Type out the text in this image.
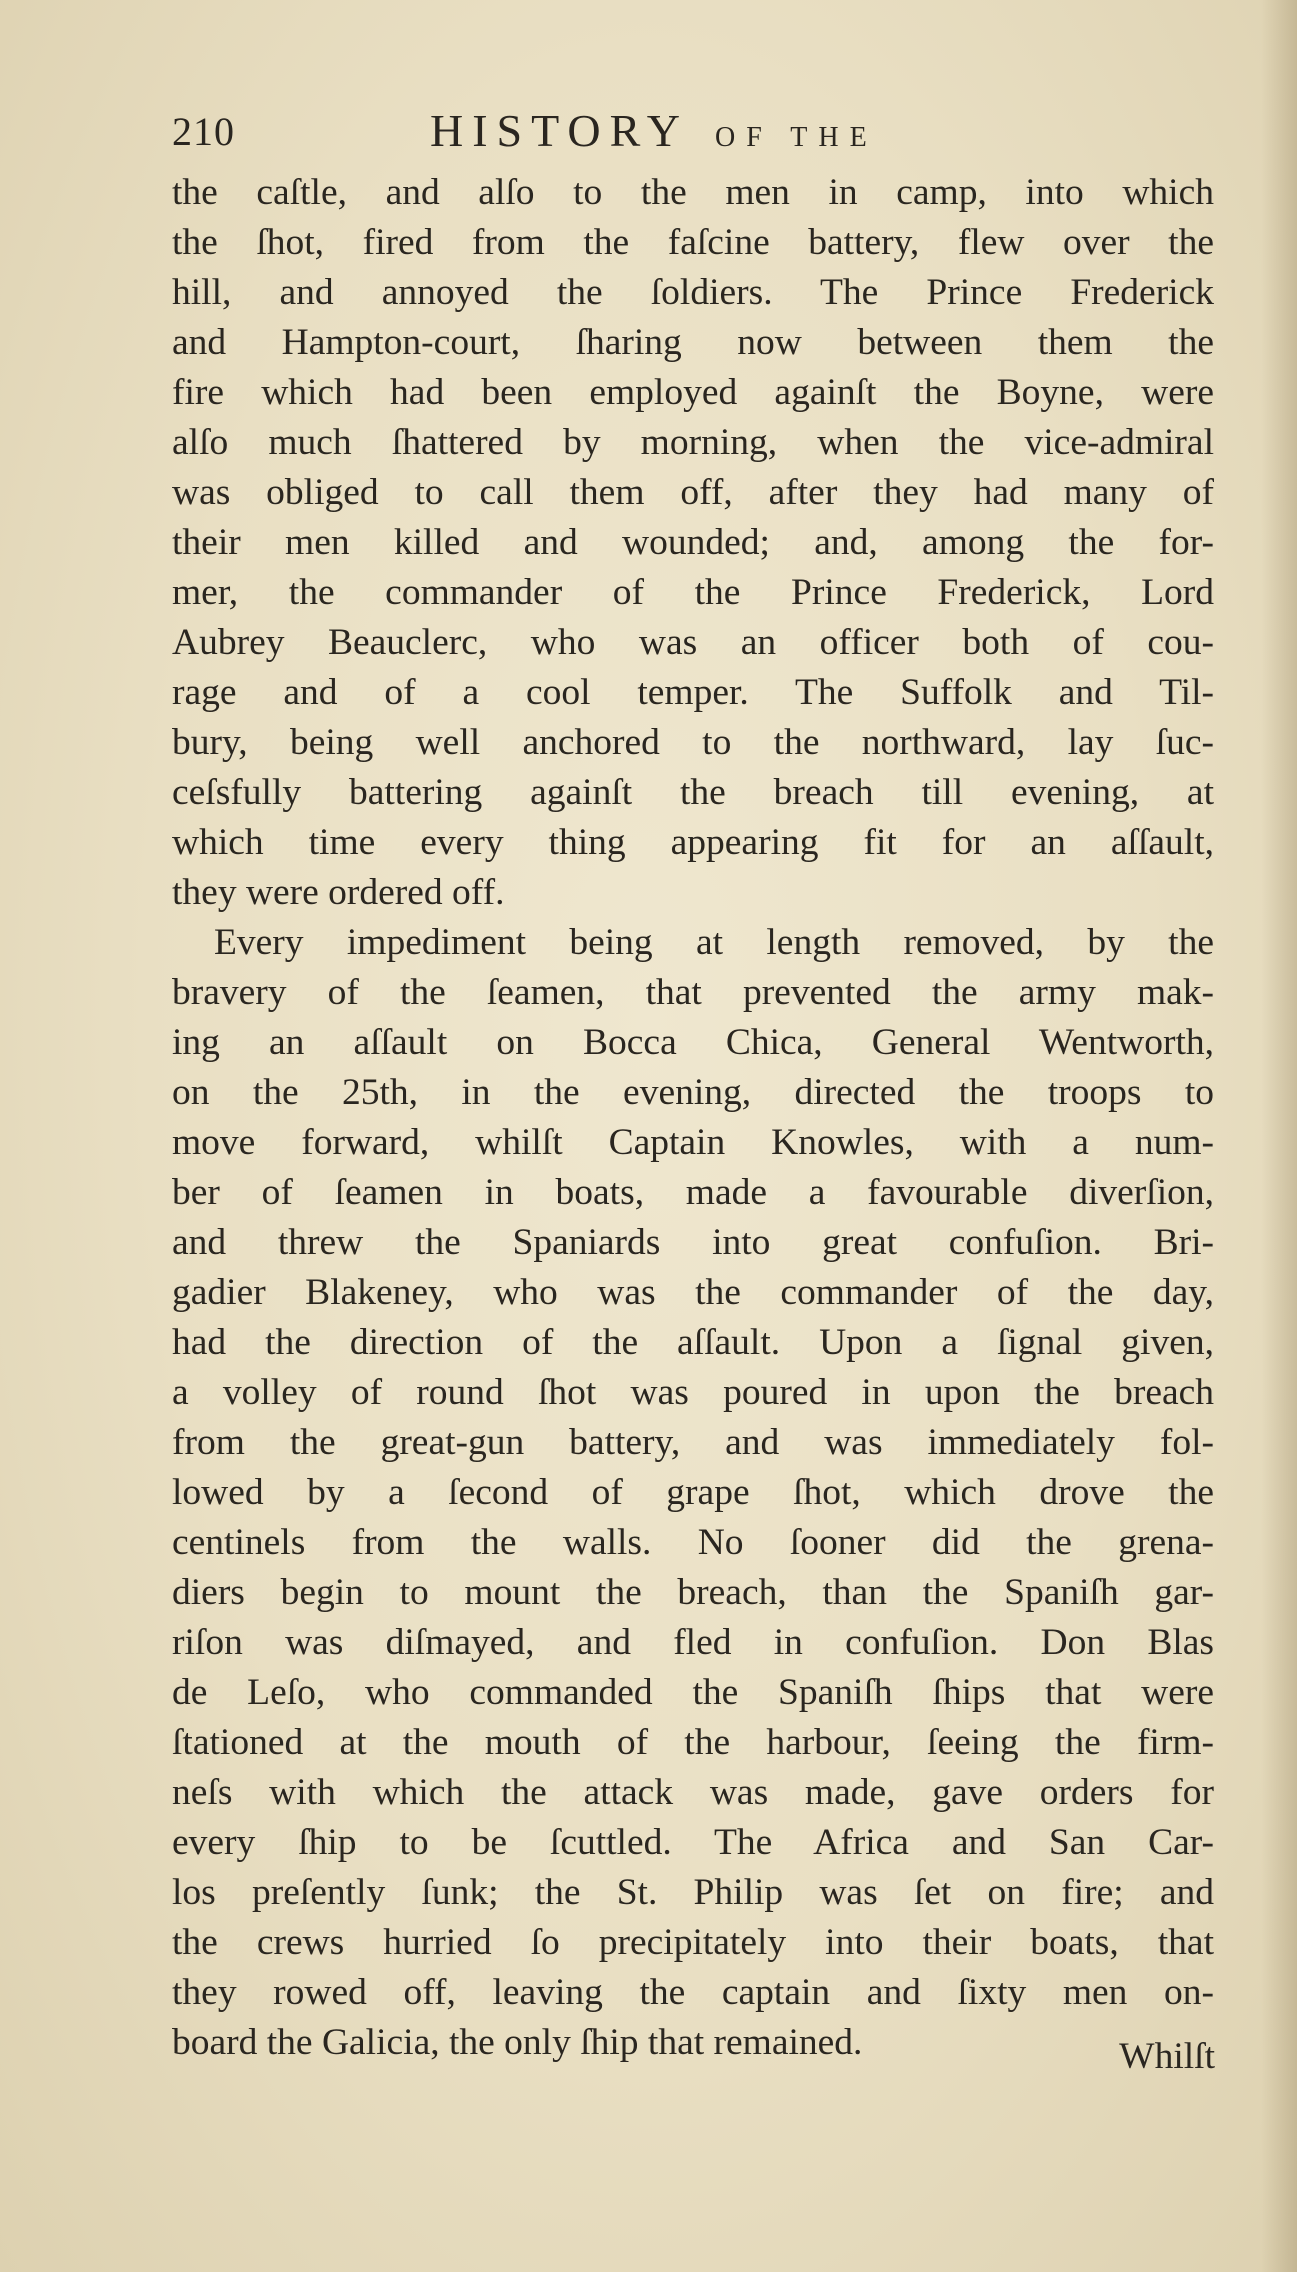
210	HISTORY OF THE
the caſtle, and alſo to the men in camp, into which
the ſhot, fired from the faſcine battery, flew over the
hill, and annoyed the ſoldiers. The Prince Frederick
and Hampton-court, ſharing now between them the
fire which had been employed againſt the Boyne, were
alſo much ſhattered by morning, when the vice-admiral
was obliged to call them off, after they had many of
their men killed and wounded; and, among the for-
mer, the commander of the Prince Frederick, Lord
Aubrey Beauclerc, who was an officer both of cou-
rage and of a cool temper. The Suffolk and Til-
bury, being well anchored to the northward, lay ſuc-
ceſsfully battering againſt the breach till evening, at
which time every thing appearing fit for an aſſault,
they were ordered off.
Every impediment being at length removed, by the
bravery of the ſeamen, that prevented the army mak-
ing an aſſault on Bocca Chica, General Wentworth,
on the 25th, in the evening, directed the troops to
move forward, whilſt Captain Knowles, with a num-
ber of ſeamen in boats, made a favourable diverſion,
and threw the Spaniards into great confuſion. Bri-
gadier Blakeney, who was the commander of the day,
had the direction of the aſſault. Upon a ſignal given,
a volley of round ſhot was poured in upon the breach
from the great-gun battery, and was immediately fol-
lowed by a ſecond of grape ſhot, which drove the
centinels from the walls. No ſooner did the grena-
diers begin to mount the breach, than the Spaniſh gar-
riſon was diſmayed, and fled in confuſion. Don Blas
de Leſo, who commanded the Spaniſh ſhips that were
ſtationed at the mouth of the harbour, ſeeing the firm-
neſs with which the attack was made, gave orders for
every ſhip to be ſcuttled. The Africa and San Car-
los preſently ſunk; the St. Philip was ſet on fire; and
the crews hurried ſo precipitately into their boats, that
they rowed off, leaving the captain and ſixty men on-
board the Galicia, the only ſhip that remained.	Whilſt
